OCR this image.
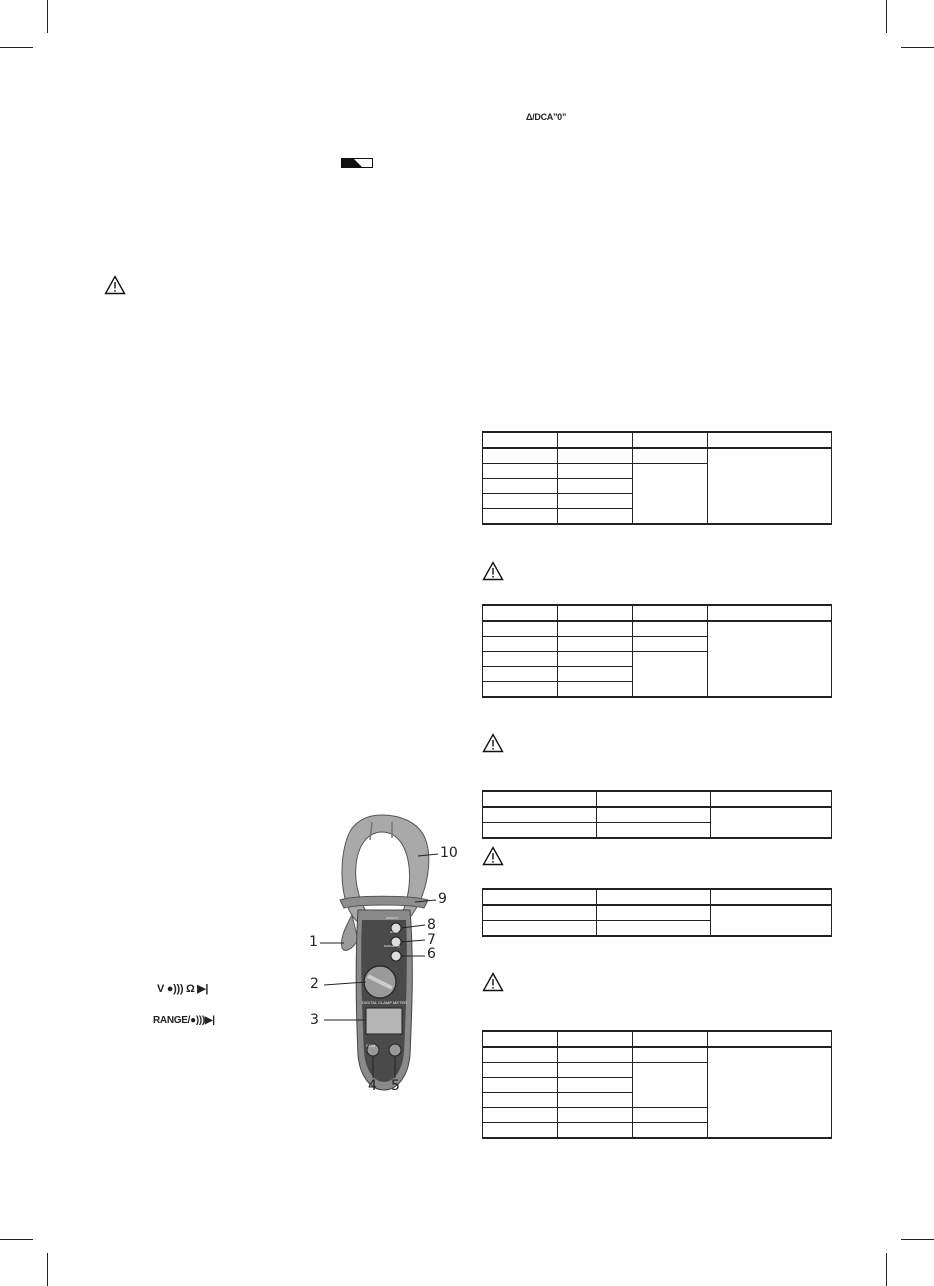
Δ/DCA”0”

V ●))) Ω ▶|
RANGE/●)))▶|
DIGITAL CLAMP METER
COM
Δ/DCA”0”
HOLD
RANGE/●)))
1
2
3
4 5
6
7
8
9
10
